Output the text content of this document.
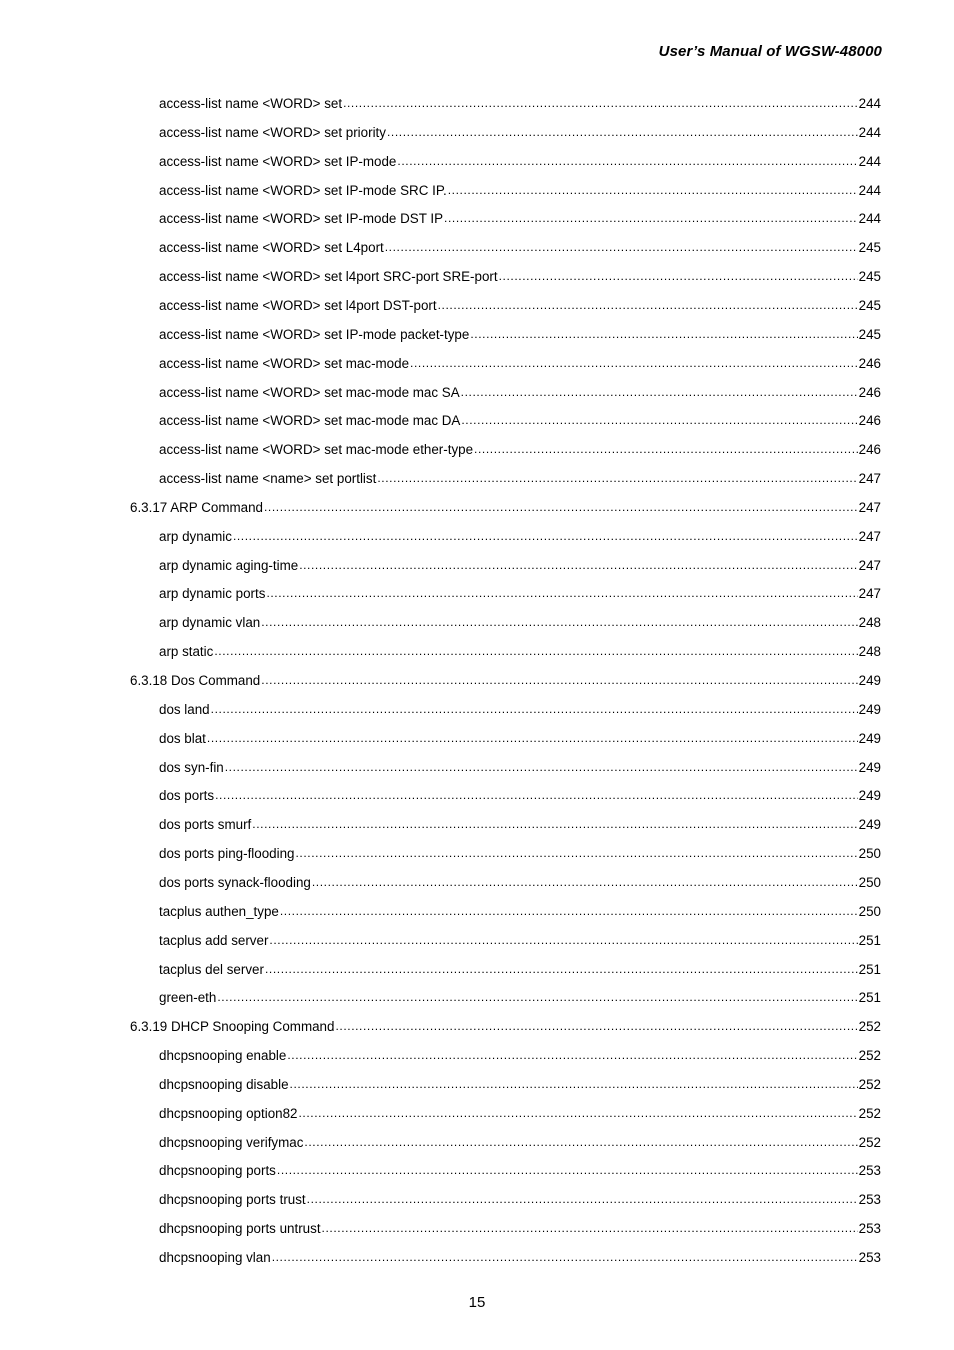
User’s Manual of WGSW-48000
access-list name <WORD> set .....	244
access-list name <WORD> set priority .....	244
access-list name <WORD> set IP-mode .....	244
access-list name <WORD> set IP-mode SRC IP. .....	244
access-list name <WORD> set IP-mode DST IP .....	244
access-list name <WORD> set L4port .....	245
access-list name <WORD> set l4port SRC-port SRE-port .....	245
access-list name <WORD> set l4port DST-port .....	245
access-list name <WORD> set IP-mode packet-type .....	245
access-list name <WORD> set mac-mode .....	246
access-list name <WORD> set mac-mode mac SA .....	246
access-list name <WORD> set mac-mode mac DA .....	246
access-list name <WORD> set mac-mode ether-type .....	246
access-list name <name> set portlist .....	247
6.3.17 ARP Command .....	247
arp dynamic .....	247
arp dynamic aging-time .....	247
arp dynamic ports .....	247
arp dynamic vlan .....	248
arp static .....	248
6.3.18 Dos Command .....	249
dos land .....	249
dos blat .....	249
dos syn-fin .....	249
dos ports .....	249
dos ports smurf .....	249
dos ports ping-flooding .....	250
dos ports synack-flooding .....	250
tacplus authen_type .....	250
tacplus add server .....	251
tacplus del server .....	251
green-eth .....	251
6.3.19 DHCP Snooping Command .....	252
dhcpsnooping enable .....	252
dhcpsnooping disable .....	252
dhcpsnooping option82 .....	252
dhcpsnooping verifymac .....	252
dhcpsnooping ports .....	253
dhcpsnooping ports trust .....	253
dhcpsnooping ports untrust .....	253
dhcpsnooping vlan .....	253
15
